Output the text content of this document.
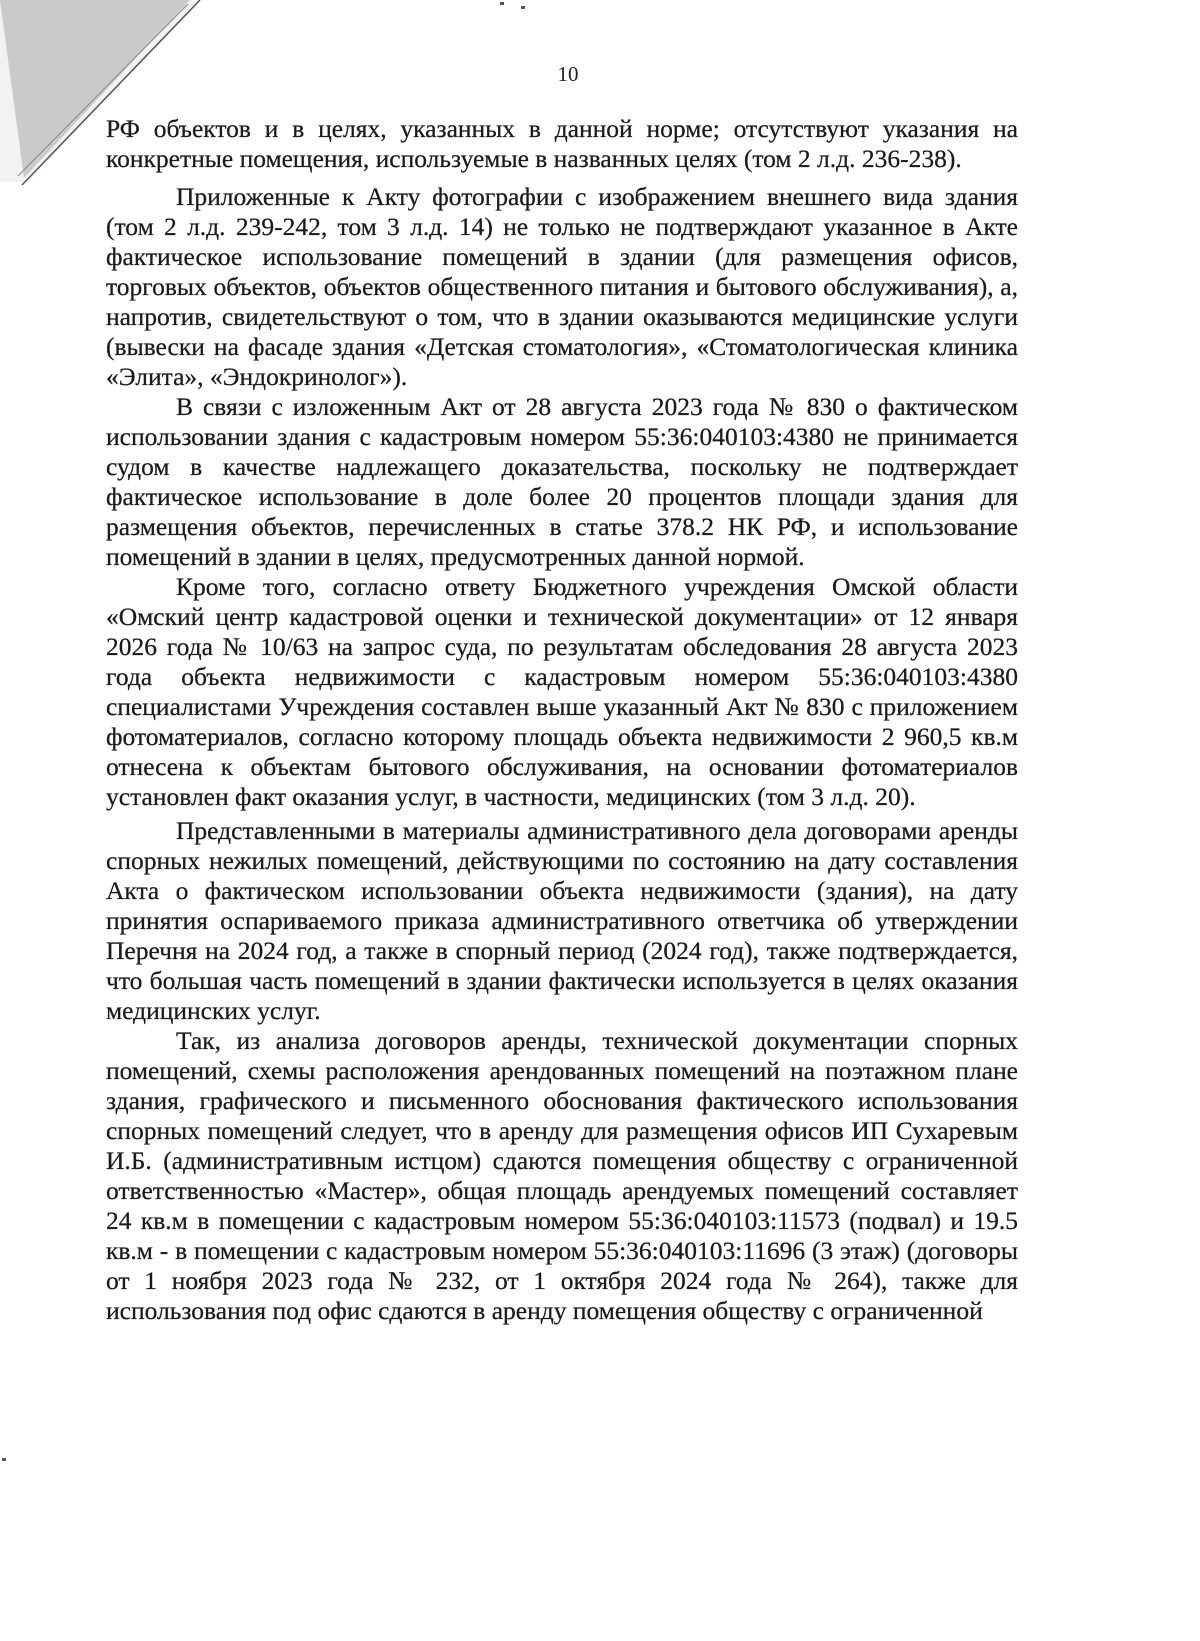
10

РФ объектов и в целях, указанных в данной норме; отсутствуют указания на конкретные помещения, используемые в названных целях (том 2 л.д. 236-238).

Приложенные к Акту фотографии с изображением внешнего вида здания (том 2 л.д. 239-242, том 3 л.д. 14) не только не подтверждают указанное в Акте фактическое использование помещений в здании (для размещения офисов, торговых объектов, объектов общественного питания и бытового обслуживания), а, напротив, свидетельствуют о том, что в здании оказываются медицинские услуги (вывески на фасаде здания «Детская стоматология», «Стоматологическая клиника «Элита», «Эндокринолог»).

В связи с изложенным Акт от 28 августа 2023 года № 830 о фактическом использовании здания с кадастровым номером 55:36:040103:4380 не принимается судом в качестве надлежащего доказательства, поскольку не подтверждает фактическое использование в доле более 20 процентов площади здания для размещения объектов, перечисленных в статье 378.2 НК РФ, и использование помещений в здании в целях, предусмотренных данной нормой.

Кроме того, согласно ответу Бюджетного учреждения Омской области «Омский центр кадастровой оценки и технической документации» от 12 января 2026 года № 10/63 на запрос суда, по результатам обследования 28 августа 2023 года объекта недвижимости с кадастровым номером 55:36:040103:4380 специалистами Учреждения составлен выше указанный Акт № 830 с приложением фотоматериалов, согласно которому площадь объекта недвижимости 2 960,5 кв.м отнесена к объектам бытового обслуживания, на основании фотоматериалов установлен факт оказания услуг, в частности, медицинских (том 3 л.д. 20).

Представленными в материалы административного дела договорами аренды спорных нежилых помещений, действующими по состоянию на дату составления Акта о фактическом использовании объекта недвижимости (здания), на дату принятия оспариваемого приказа административного ответчика об утверждении Перечня на 2024 год, а также в спорный период (2024 год), также подтверждается, что большая часть помещений в здании фактически используется в целях оказания медицинских услуг.

Так, из анализа договоров аренды, технической документации спорных помещений, схемы расположения арендованных помещений на поэтажном плане здания, графического и письменного обоснования фактического использования спорных помещений следует, что в аренду для размещения офисов ИП Сухаревым И.Б. (административным истцом) сдаются помещения обществу с ограниченной ответственностью «Мастер», общая площадь арендуемых помещений составляет 24 кв.м в помещении с кадастровым номером 55:36:040103:11573 (подвал) и 19.5 кв.м - в помещении с кадастровым номером 55:36:040103:11696 (3 этаж) (договоры от 1 ноября 2023 года № 232, от 1 октября 2024 года № 264), также для использования под офис сдаются в аренду помещения обществу с ограниченной
